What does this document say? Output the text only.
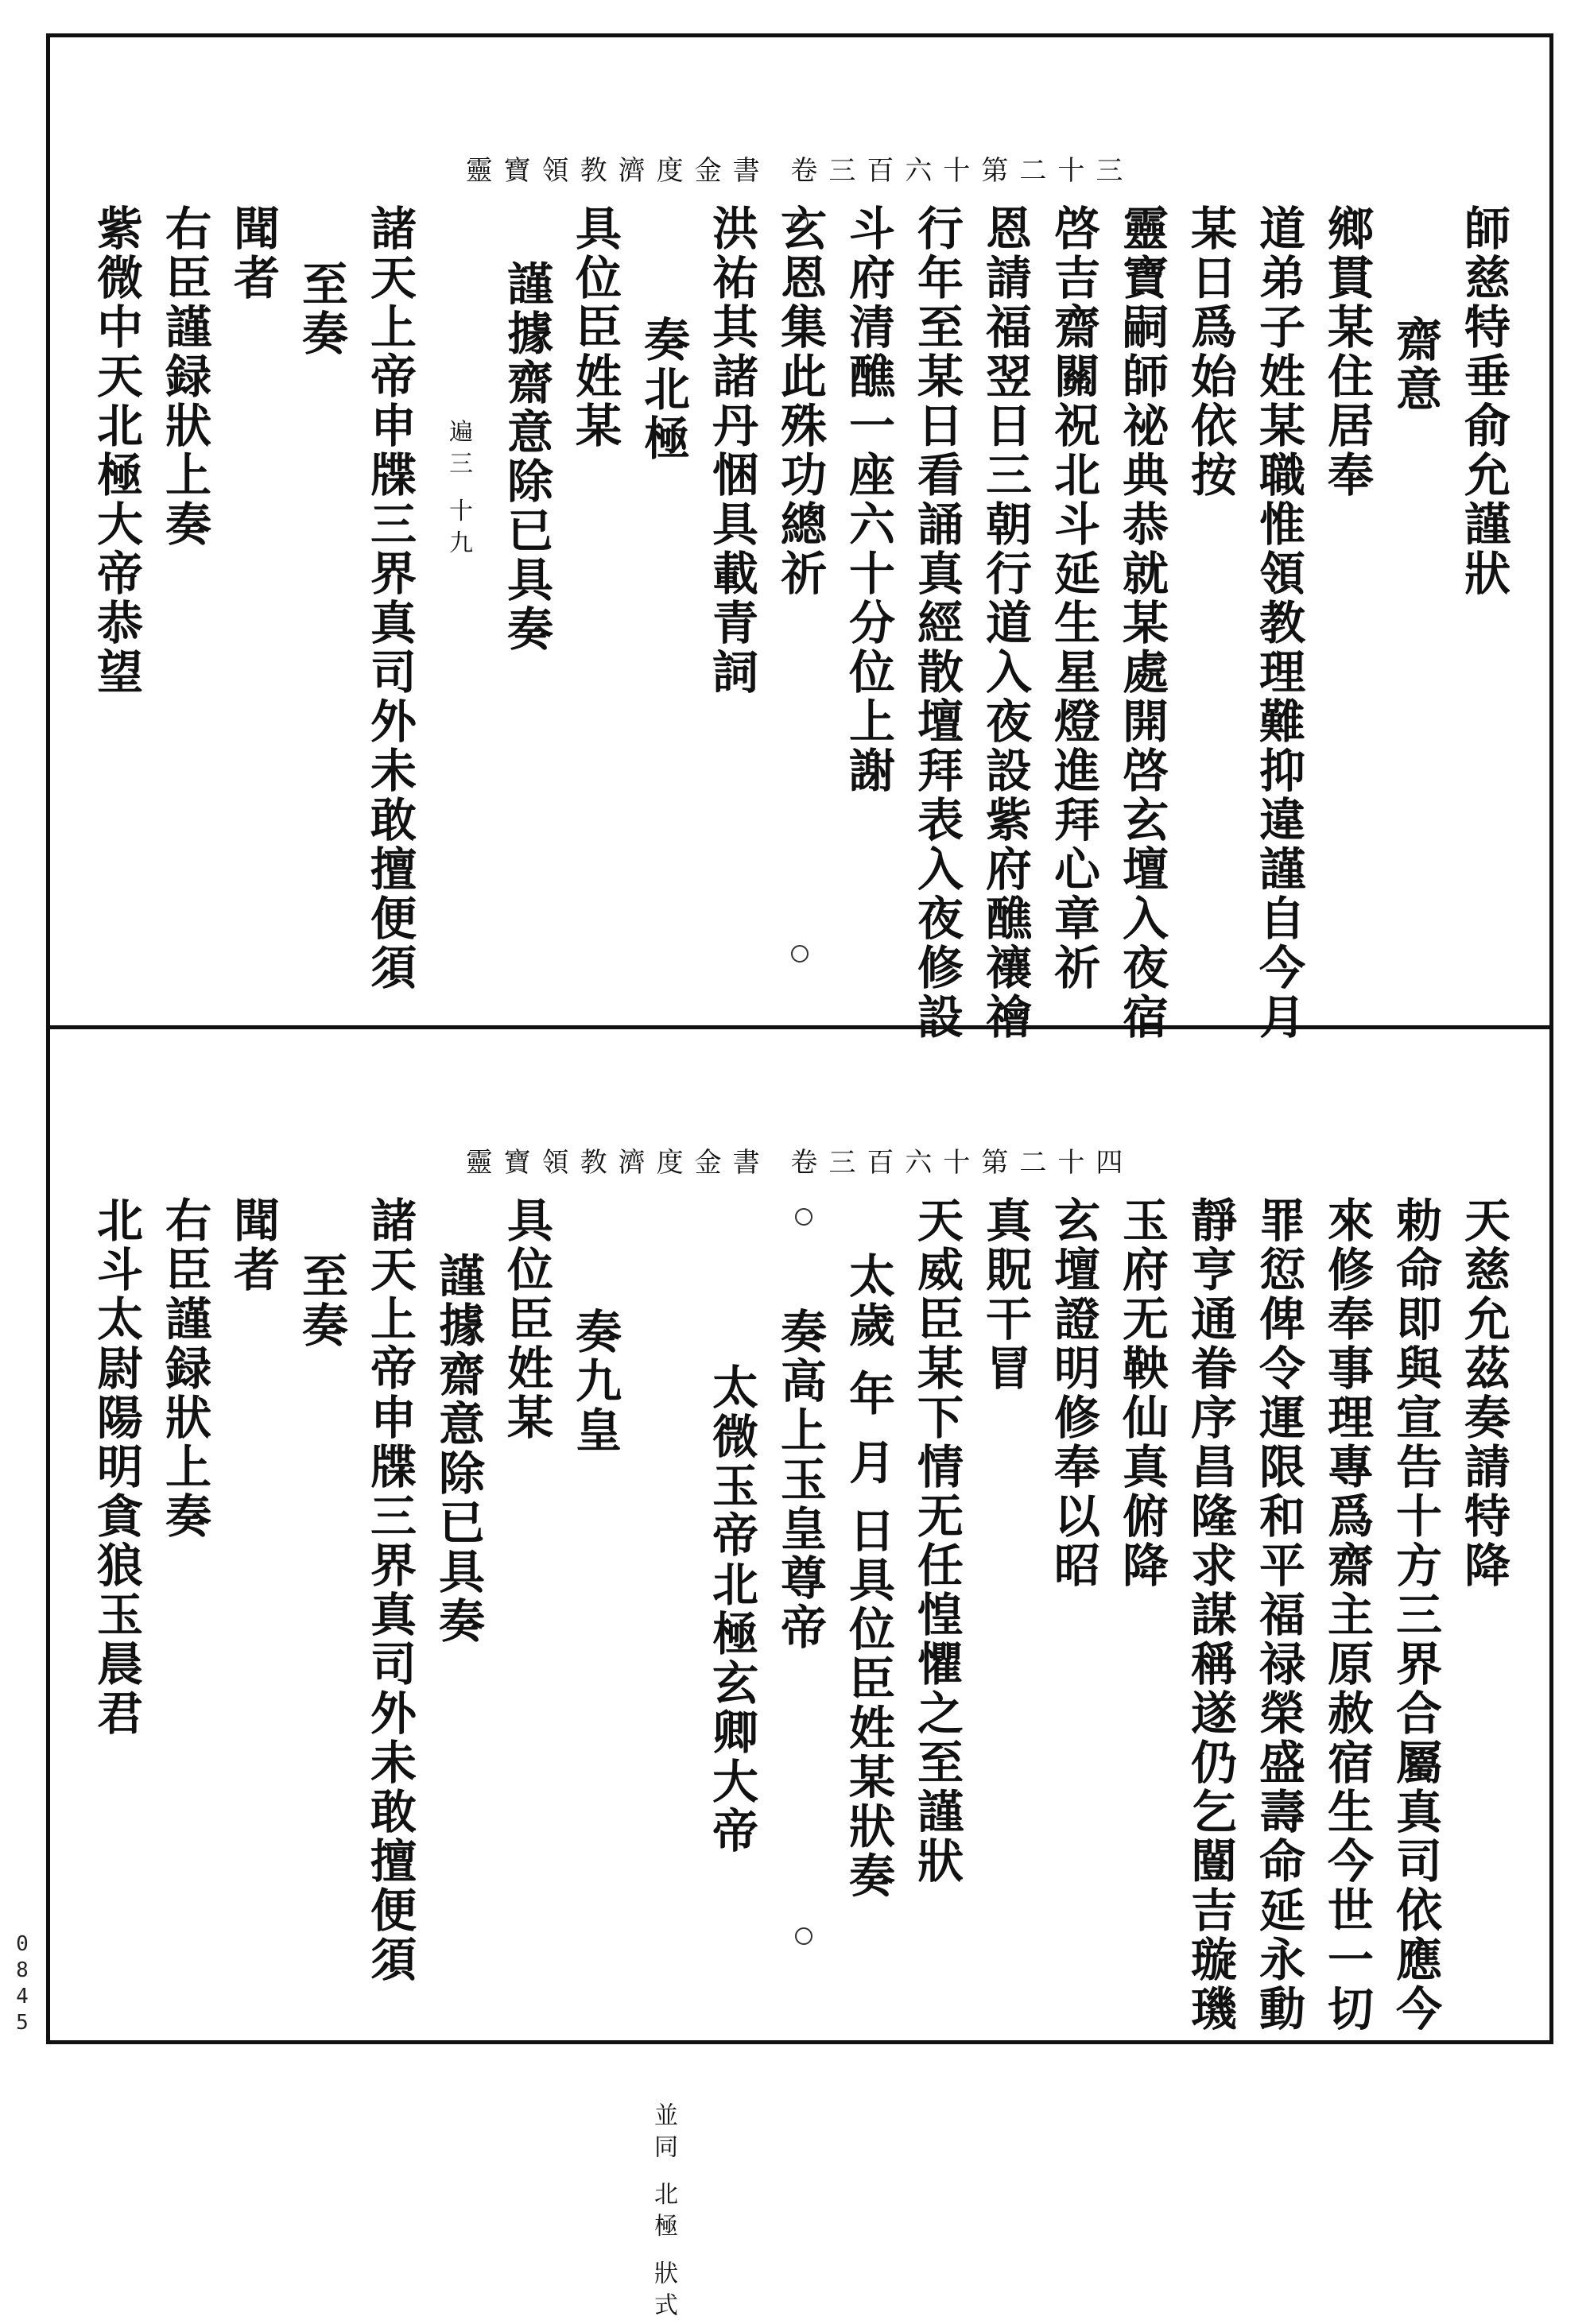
靈寶領教濟度金書 卷三百六十第二十三
師慈特垂俞允謹狀
齋意
鄉貫某住居奉
道弟子姓某職惟領教理難抑違謹自今月
某日爲始依按
靈寶嗣師祕典恭就某處開啓玄壇入夜宿
啓吉齋關祝北斗延生星燈進拜心章祈
恩請福翌日三朝行道入夜設紫府醮禳禬
行年至某日看誦真經散壇拜表入夜修設
斗府清醮一座六十分位上謝
玄恩集此殊功總祈
洪祐其諸丹悃具載青詞
奏北極
具位臣姓某
謹據齋意除已具奏
遍三 十九
諸天上帝申牒三界真司外未敢擅便須
至奏
聞者
右臣謹録狀上奏
紫微中天北極大帝恭望
靈寶領教濟度金書 卷三百六十第二十四
天慈允茲奏請特降
勅命即與宣告十方三界合屬真司依應今
來修奉事理專爲齋主原赦宿生今世一切
罪愆俾令運限和平福禄榮盛壽命延永動
靜亨通眷序昌隆求謀稱遂仍乞闓吉璇璣
玉府无鞅仙真俯降
玄壇證明修奉以昭
真貺干冒
天威臣某下情无任惶懼之至謹狀
太歲 年 月 日具位臣姓某狀奏
奏高上玉皇尊帝
太微玉帝北極玄卿大帝
並同 北極 狀式
奏九皇
具位臣姓某
謹據齋意除已具奏
諸天上帝申牒三界真司外未敢擅便須
至奏
聞者
右臣謹録狀上奏
北斗太尉陽明貪狼玉晨君
0
8
4
5
